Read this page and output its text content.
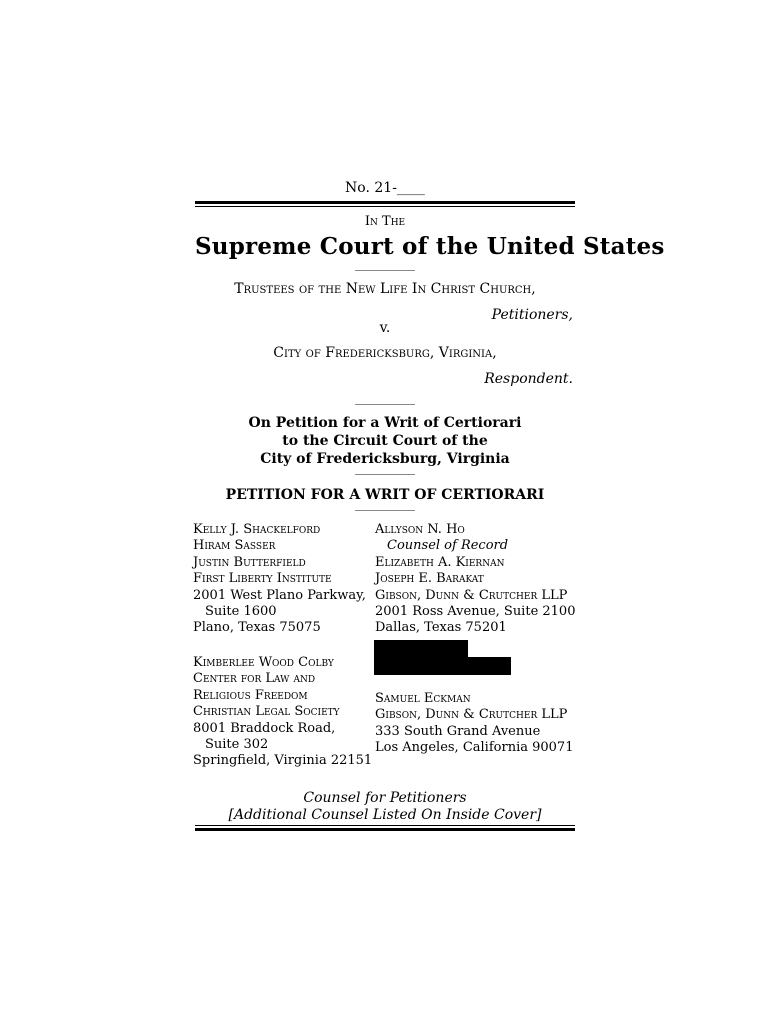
No. 21-____
In The
Supreme Court of the United States
Trustees of the New Life In Christ Church,
Petitioners,
v.
City of Fredericksburg, Virginia,
Respondent.
On Petition for a Writ of Certiorari
to the Circuit Court of the
City of Fredericksburg, Virginia
PETITION FOR A WRIT OF CERTIORARI
Kelly J. Shackelford
Hiram Sasser
Justin Butterfield
First Liberty Institute
2001 West Plano Parkway,
Suite 1600
Plano, Texas 75075
Allyson N. Ho
Counsel of Record
Elizabeth A. Kiernan
Joseph E. Barakat
Gibson, Dunn & Crutcher LLP
2001 Ross Avenue, Suite 2100
Dallas, Texas 75201
Kimberlee Wood Colby
Center for Law and
Religious Freedom
Christian Legal Society
8001 Braddock Road,
Suite 302
Springfield, Virginia 22151
Samuel Eckman
Gibson, Dunn & Crutcher LLP
333 South Grand Avenue
Los Angeles, California 90071
Counsel for Petitioners
[Additional Counsel Listed On Inside Cover]
